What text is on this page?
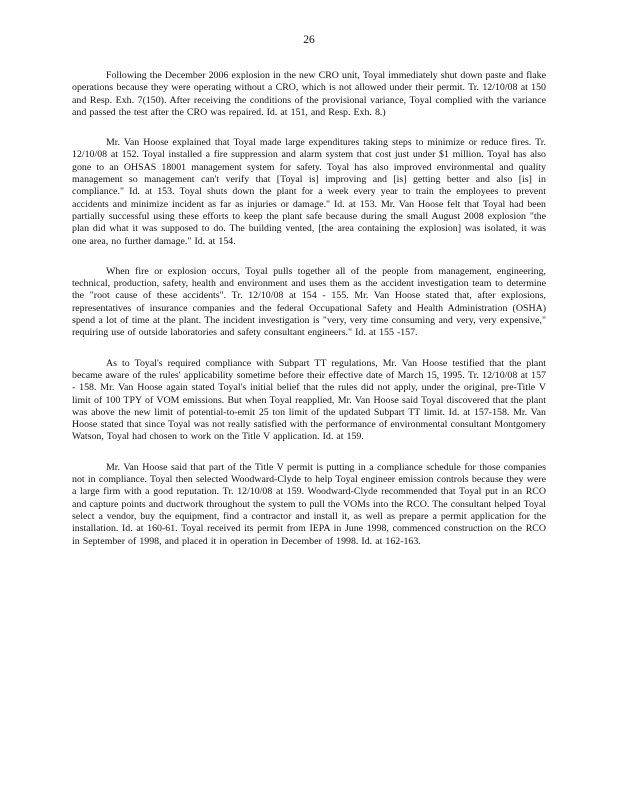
26

Following the December 2006 explosion in the new CRO unit, Toyal immediately shut down paste and flake operations because they were operating without a CRO, which is not allowed under their permit. Tr. 12/10/08 at 150 and Resp. Exh. 7(150). After receiving the conditions of the provisional variance, Toyal complied with the variance and passed the test after the CRO was repaired. Id. at 151, and Resp. Exh. 8.)

Mr. Van Hoose explained that Toyal made large expenditures taking steps to minimize or reduce fires. Tr. 12/10/08 at 152. Toyal installed a fire suppression and alarm system that cost just under $1 million. Toyal has also gone to an OHSAS 18001 management system for safety. Toyal has also improved environmental and quality management so management can't verify that [Toyal is] improving and [is] getting better and also [is] in compliance." Id. at 153. Toyal shuts down the plant for a week every year to train the employees to prevent accidents and minimize incident as far as injuries or damage." Id. at 153. Mr. Van Hoose felt that Toyal had been partially successful using these efforts to keep the plant safe because during the small August 2008 explosion "the plan did what it was supposed to do. The building vented, [the area containing the explosion] was isolated, it was one area, no further damage." Id. at 154.

When fire or explosion occurs, Toyal pulls together all of the people from management, engineering, technical, production, safety, health and environment and uses them as the accident investigation team to determine the "root cause of these accidents". Tr. 12/10/08 at 154 - 155. Mr. Van Hoose stated that, after explosions, representatives of insurance companies and the federal Occupational Safety and Health Administration (OSHA) spend a lot of time at the plant. The incident investigation is "very, very time consuming and very, very expensive," requiring use of outside laboratories and safety consultant engineers." Id. at 155 -157.

As to Toyal's required compliance with Subpart TT regulations, Mr. Van Hoose testified that the plant became aware of the rules' applicability sometime before their effective date of March 15, 1995. Tr. 12/10/08 at 157 - 158. Mr. Van Hoose again stated Toyal's initial belief that the rules did not apply, under the original, pre-Title V limit of 100 TPY of VOM emissions. But when Toyal reapplied, Mr. Van Hoose said Toyal discovered that the plant was above the new limit of potential-to-emit 25 ton limit of the updated Subpart TT limit. Id. at 157-158. Mr. Van Hoose stated that since Toyal was not really satisfied with the performance of environmental consultant Montgomery Watson, Toyal had chosen to work on the Title V application. Id. at 159.

Mr. Van Hoose said that part of the Title V permit is putting in a compliance schedule for those companies not in compliance. Toyal then selected Woodward-Clyde to help Toyal engineer emission controls because they were a large firm with a good reputation. Tr. 12/10/08 at 159. Woodward-Clyde recommended that Toyal put in an RCO and capture points and ductwork throughout the system to pull the VOMs into the RCO. The consultant helped Toyal select a vendor, buy the equipment, find a contractor and install it, as well as prepare a permit application for the installation. Id. at 160-61. Toyal received its permit from IEPA in June 1998, commenced construction on the RCO in September of 1998, and placed it in operation in December of 1998. Id. at 162-163.
